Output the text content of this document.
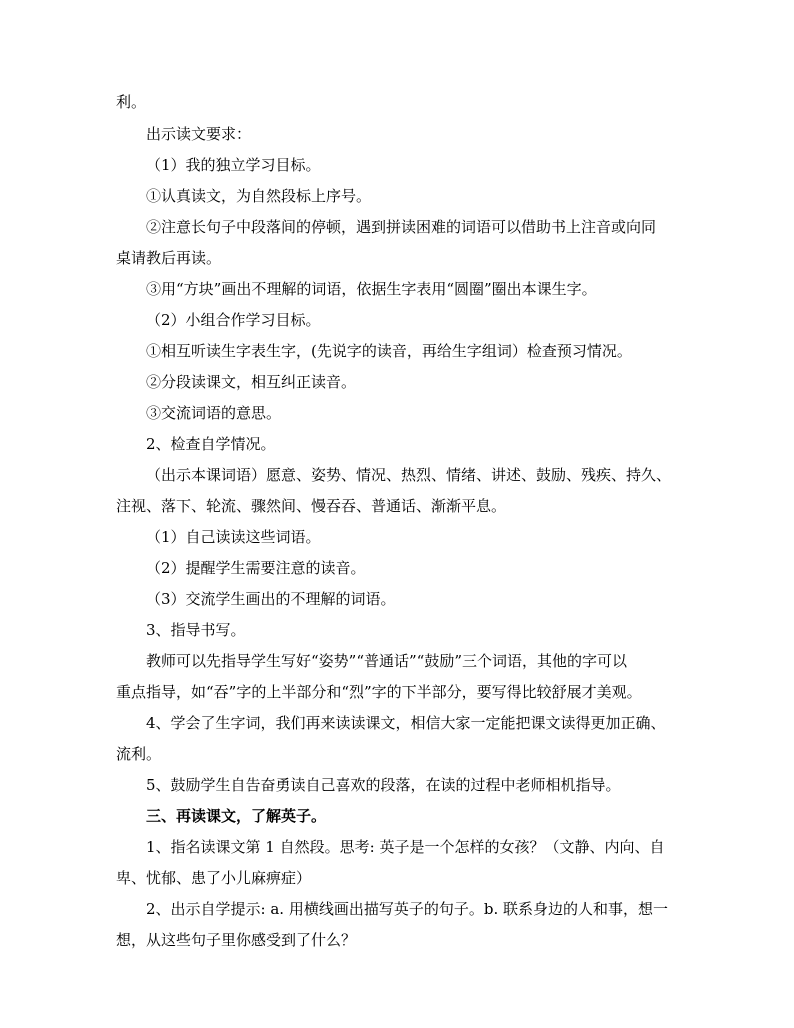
利。
出示读文要求：
（1）我的独立学习目标。
①认真读文，为自然段标上序号。
②注意长句子中段落间的停顿，遇到拼读困难的词语可以借助书上注音或向同
桌请教后再读。
③用“方块”画出不理解的词语，依据生字表用“圆圈”圈出本课生字。
（2）小组合作学习目标。
①相互听读生字表生字，(先说字的读音，再给生字组词）检查预习情况。
②分段读课文，相互纠正读音。
③交流词语的意思。
2、检查自学情况。
（出示本课词语）愿意、姿势、情况、热烈、情绪、讲述、鼓励、残疾、持久、
注视、落下、轮流、骤然间、慢吞吞、普通话、渐渐平息。
（1）自己读读这些词语。
（2）提醒学生需要注意的读音。
（3）交流学生画出的不理解的词语。
3、指导书写。
教师可以先指导学生写好“姿势”“普通话”“鼓励”三个词语，其他的字可以
重点指导，如“吞”字的上半部分和“烈”字的下半部分，要写得比较舒展才美观。
4、学会了生字词，我们再来读读课文，相信大家一定能把课文读得更加正确、
流利。
5、鼓励学生自告奋勇读自己喜欢的段落，在读的过程中老师相机指导。
三、再读课文，了解英子。
1、指名读课文第 1 自然段。思考: 英子是一个怎样的女孩？（文静、内向、自
卑、忧郁、患了小儿麻痹症）
2、出示自学提示: a. 用横线画出描写英子的句子。b. 联系身边的人和事，想一
想，从这些句子里你感受到了什么？
